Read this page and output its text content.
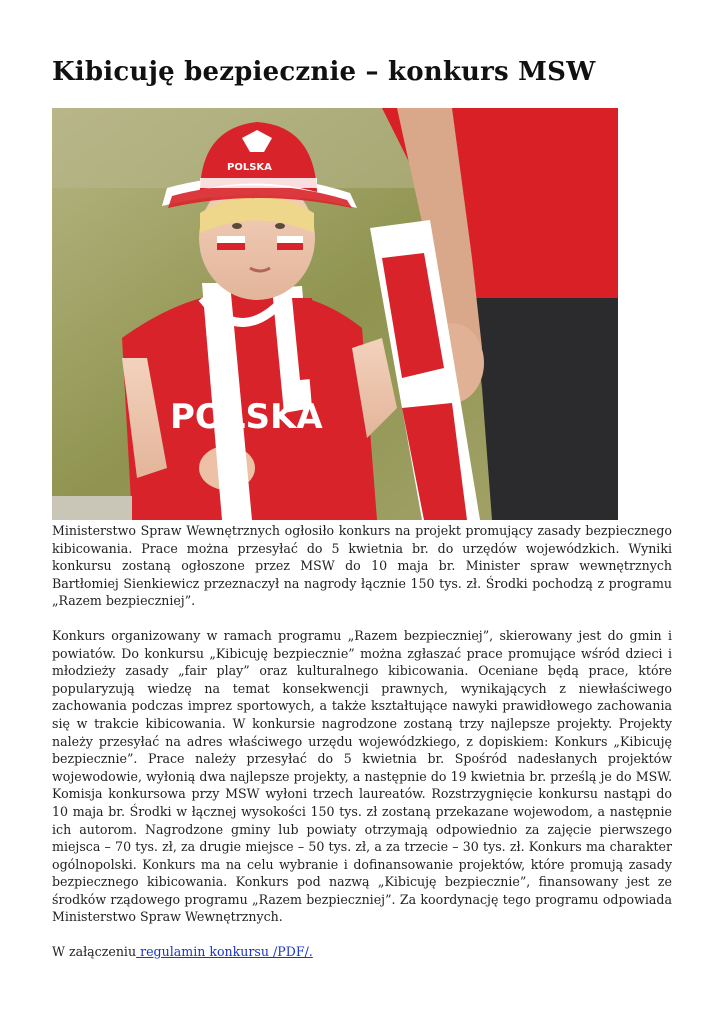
Kibicuję bezpiecznie – konkurs MSW
POLSKA
POLSKA

Ministerstwo Spraw Wewnętrznych ogłosiło konkurs na projekt promujący zasady bezpiecznego kibicowania. Prace można przesyłać do 5 kwietnia br. do urzędów wojewódzkich. Wyniki konkursu zostaną ogłoszone przez MSW do 10 maja br. Minister spraw wewnętrznych Bartłomiej Sienkiewicz przeznaczył na nagrody łącznie 150 tys. zł. Środki pochodzą z programu „Razem bezpieczniej”.

Konkurs organizowany w ramach programu „Razem bezpieczniej”, skierowany jest do gmin i powiatów. Do konkursu „Kibicuję bezpiecznie” można zgłaszać prace promujące wśród dzieci i młodzieży zasady „fair play” oraz kulturalnego kibicowania. Oceniane będą prace, które popularyzują wiedzę na temat konsekwencji prawnych, wynikających z niewłaściwego zachowania podczas imprez sportowych, a także kształtujące nawyki prawidłowego zachowania się w trakcie kibicowania. W konkursie nagrodzone zostaną trzy najlepsze projekty. Projekty należy przesyłać na adres właściwego urzędu wojewódzkiego, z dopiskiem: Konkurs „Kibicuję bezpiecznie”. Prace należy przesyłać do 5 kwietnia br. Spośród nadesłanych projektów wojewodowie, wyłonią dwa najlepsze projekty, a następnie do 19 kwietnia br. prześlą je do MSW. Komisja konkursowa przy MSW wyłoni trzech laureatów. Rozstrzygnięcie konkursu nastąpi do 10 maja br. Środki w łącznej wysokości 150 tys. zł zostaną przekazane wojewodom, a następnie ich autorom. Nagrodzone gminy lub powiaty otrzymają odpowiednio za zajęcie pierwszego miejsca – 70 tys. zł, za drugie miejsce – 50 tys. zł, a za trzecie – 30 tys. zł. Konkurs ma charakter ogólnopolski. Konkurs ma na celu wybranie i dofinansowanie projektów, które promują zasady bezpiecznego kibicowania. Konkurs pod nazwą „Kibicuję bezpiecznie”, finansowany jest ze środków rządowego programu „Razem bezpieczniej”. Za koordynację tego programu odpowiada Ministerstwo Spraw Wewnętrznych.

W załączeniu regulamin konkursu /PDF/.
